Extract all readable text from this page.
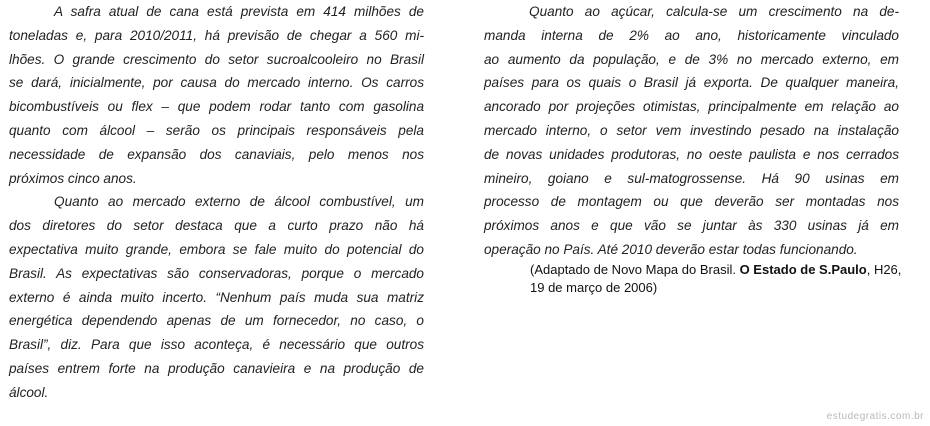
A safra atual de cana está prevista em 414 milhões de
toneladas e, para 2010/2011, há previsão de chegar a 560 mi-
lhões. O grande crescimento do setor sucroalcooleiro no Brasil
se dará, inicialmente, por causa do mercado interno. Os carros
bicombustíveis ou flex – que podem rodar tanto com gasolina
quanto com álcool – serão os principais responsáveis pela
necessidade de expansão dos canaviais, pelo menos nos
próximos cinco anos.
Quanto ao mercado externo de álcool combustível, um
dos diretores do setor destaca que a curto prazo não há
expectativa muito grande, embora se fale muito do potencial do
Brasil. As expectativas são conservadoras, porque o mercado
externo é ainda muito incerto. “Nenhum país muda sua matriz
energética dependendo apenas de um fornecedor, no caso, o
Brasil”, diz. Para que isso aconteça, é necessário que outros
países entrem forte na produção canavieira e na produção de
álcool.
Quanto ao açúcar, calcula-se um crescimento na de-
manda interna de 2% ao ano, historicamente vinculado
ao aumento da população, e de 3% no mercado externo, em
países para os quais o Brasil já exporta. De qualquer maneira,
ancorado por projeções otimistas, principalmente em relação ao
mercado interno, o setor vem investindo pesado na instalação
de novas unidades produtoras, no oeste paulista e nos cerrados
mineiro, goiano e sul-matogrossense. Há 90 usinas em
processo de montagem ou que deverão ser montadas nos
próximos anos e que vão se juntar às 330 usinas já em
operação no País. Até 2010 deverão estar todas funcionando.
(Adaptado de Novo Mapa do Brasil. O Estado de S.Paulo, H26,
19 de março de 2006)
estudegratis.com.br
